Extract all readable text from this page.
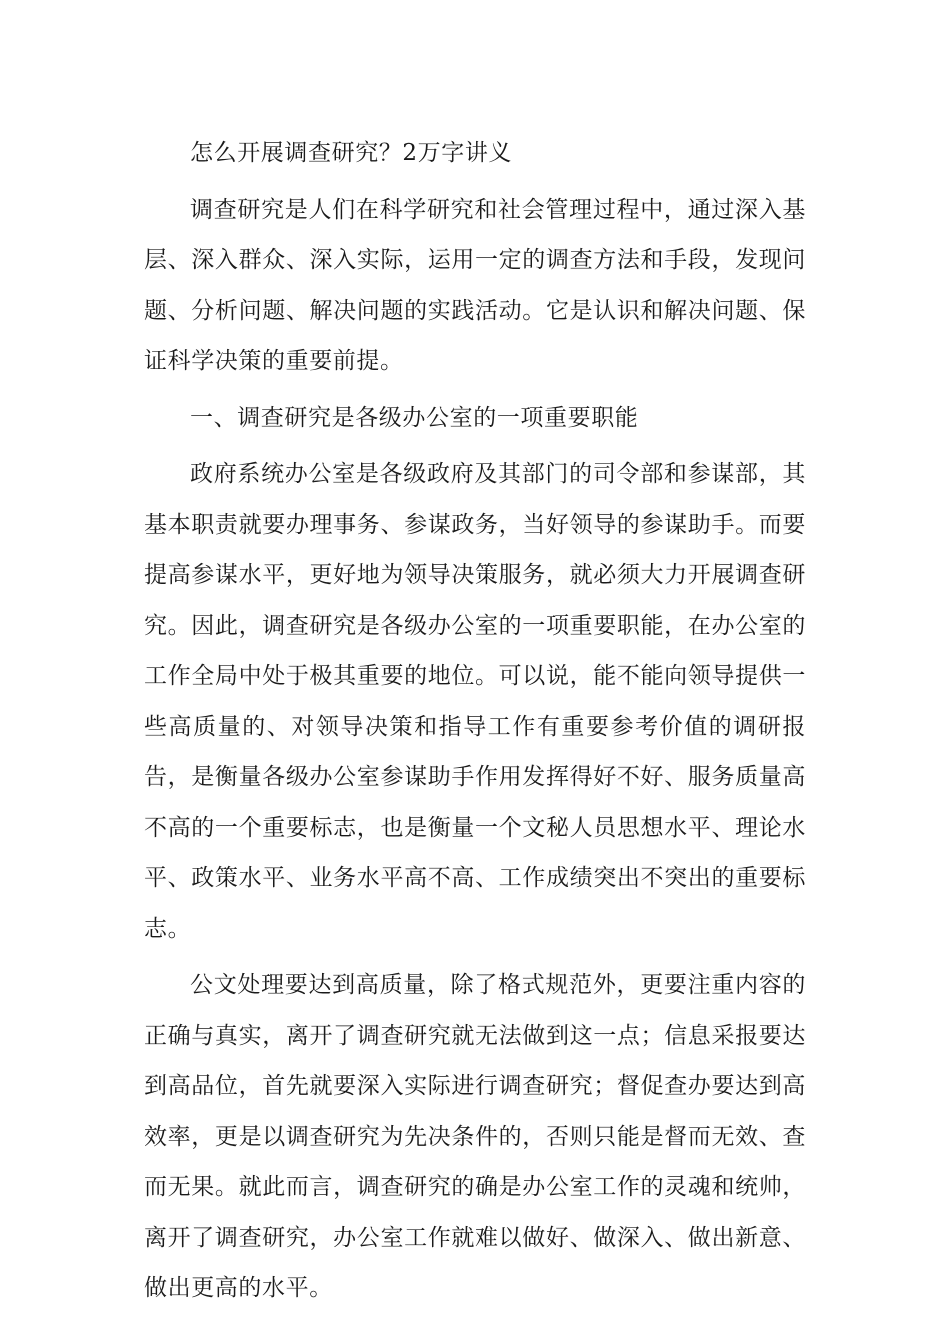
怎么开展调查研究？2万字讲义

调查研究是人们在科学研究和社会管理过程中，通过深入基层、深入群众、深入实际，运用一定的调查方法和手段，发现问题、分析问题、解决问题的实践活动。它是认识和解决问题、保证科学决策的重要前提。

一、调查研究是各级办公室的一项重要职能

政府系统办公室是各级政府及其部门的司令部和参谋部，其基本职责就要办理事务、参谋政务，当好领导的参谋助手。而要提高参谋水平，更好地为领导决策服务，就必须大力开展调查研究。因此，调查研究是各级办公室的一项重要职能，在办公室的工作全局中处于极其重要的地位。可以说，能不能向领导提供一些高质量的、对领导决策和指导工作有重要参考价值的调研报告，是衡量各级办公室参谋助手作用发挥得好不好、服务质量高不高的一个重要标志，也是衡量一个文秘人员思想水平、理论水平、政策水平、业务水平高不高、工作成绩突出不突出的重要标志。

公文处理要达到高质量，除了格式规范外，更要注重内容的正确与真实，离开了调查研究就无法做到这一点；信息采报要达到高品位，首先就要深入实际进行调查研究；督促查办要达到高效率，更是以调查研究为先决条件的，否则只能是督而无效、查而无果。就此而言，调查研究的确是办公室工作的灵魂和统帅，离开了调查研究，办公室工作就难以做好、做深入、做出新意、做出更高的水平。
